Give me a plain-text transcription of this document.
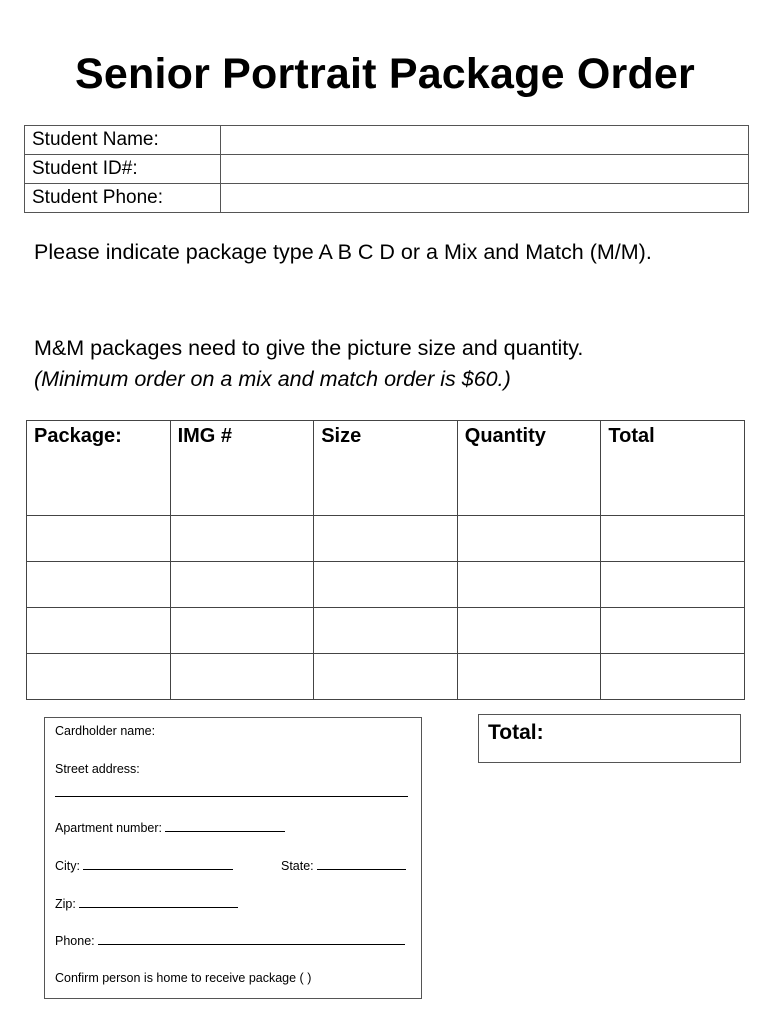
Senior Portrait Package Order
Student Name:	
Student ID#:	
Student Phone:	

Please indicate package type A B C D or a Mix and Match (M/M).

M&M packages need to give the picture size and quantity.
(Minimum order on a mix and match order is $60.)

Package:	IMG #	Size	Quantity	Total

Cardholder name:
Street address:
Apartment number:
City:	State:
Zip:
Phone:
Confirm person is home to receive package ( )
Total:
